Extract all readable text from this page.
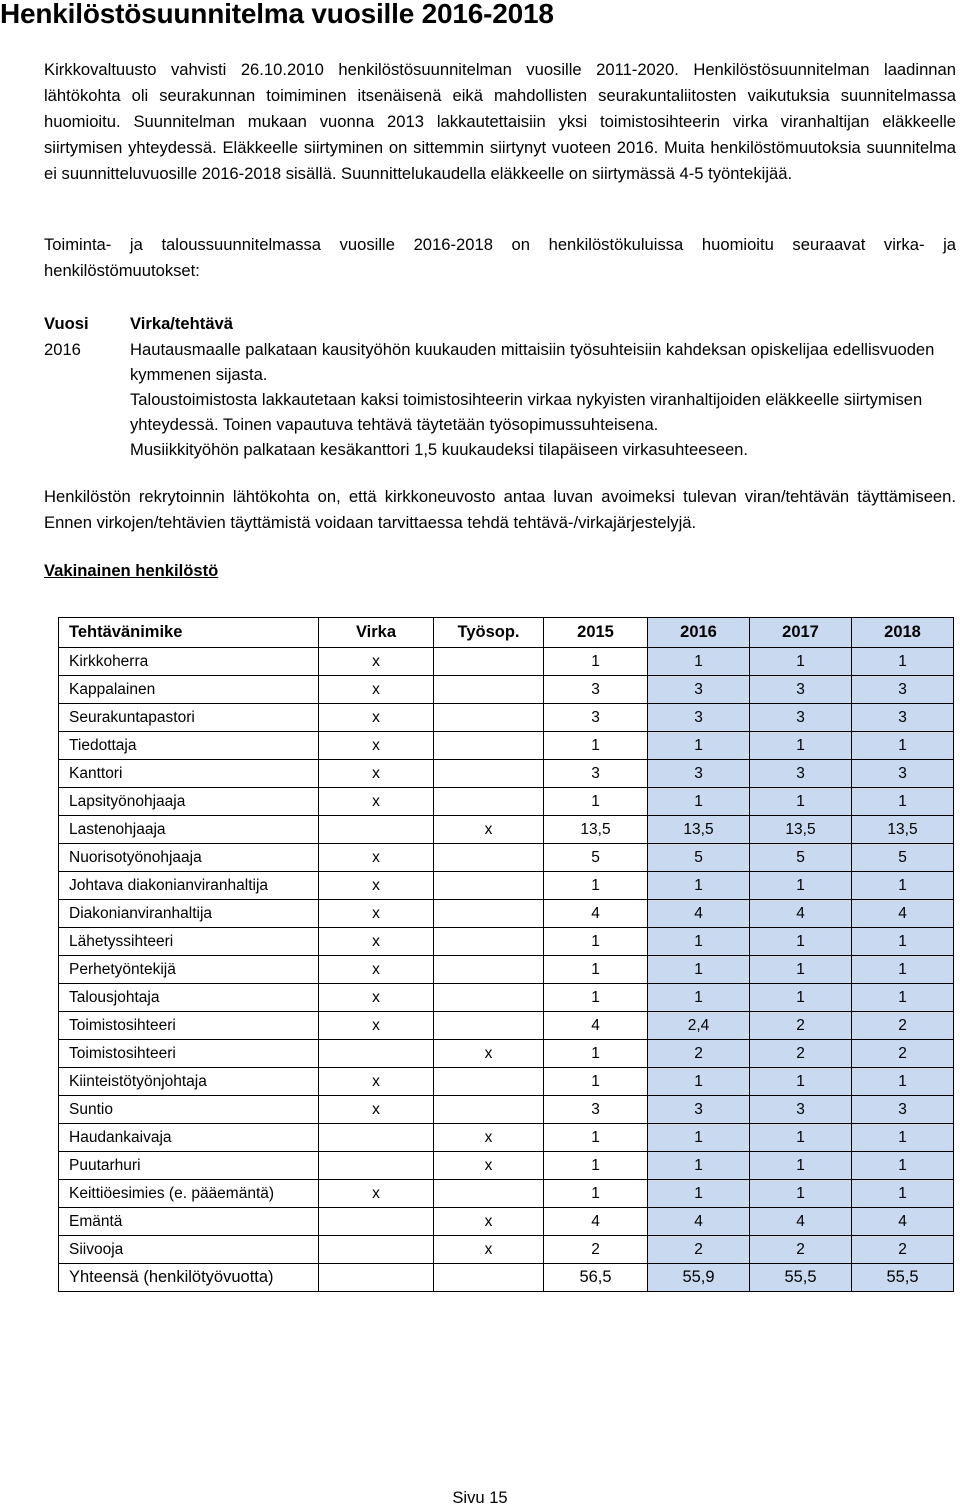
Henkilöstösuunnitelma vuosille 2016-2018

Kirkkovaltuusto vahvisti 26.10.2010 henkilöstösuunnitelman vuosille 2011-2020. Henkilöstösuunnitelman laadinnan lähtökohta oli seurakunnan toimiminen itsenäisenä eikä mahdollisten seurakuntaliitosten vaikutuksia suunnitelmassa huomioitu. Suunnitelman mukaan vuonna 2013 lakkautettaisiin yksi toimistosihteerin virka viranhaltijan eläkkeelle siirtymisen yhteydessä. Eläkkeelle siirtyminen on sittemmin siirtynyt vuoteen 2016. Muita henkilöstömuutoksia suunnitelma ei suunnitteluvuosille 2016-2018 sisällä. Suunnittelukaudella eläkkeelle on siirtymässä 4-5 työntekijää.

Toiminta- ja taloussuunnitelmassa vuosille 2016-2018 on henkilöstökuluissa huomioitu seuraavat virka- ja henkilöstömuutokset:

Vuosi	Virka/tehtävä
2016	Hautausmaalle palkataan kausityöhön kuukauden mittaisiin työsuhteisiin kahdeksan opiskelijaa edellisvuoden kymmenen sijasta.

Taloustoimistosta lakkautetaan kaksi toimistosihteerin virkaa nykyisten viranhaltijoiden eläkkeelle siirtymisen yhteydessä. Toinen vapautuva tehtävä täytetään työsopimussuhteisena.

Musiikkityöhön palkataan kesäkanttori 1,5 kuukaudeksi tilapäiseen virkasuhteeseen.

Henkilöstön rekrytoinnin lähtökohta on, että kirkkoneuvosto antaa luvan avoimeksi tulevan viran/tehtävän täyttämiseen. Ennen virkojen/tehtävien täyttämistä voidaan tarvittaessa tehdä tehtävä-/virkajärjestelyjä.

Vakinainen henkilöstö
Tehtävänimike	Virka	Työsop.	2015	2016	2017	2018
Kirkkoherra	x		1	1	1	1
Kappalainen	x		3	3	3	3
Seurakuntapastori	x		3	3	3	3
Tiedottaja	x		1	1	1	1
Kanttori	x		3	3	3	3
Lapsityönohjaaja	x		1	1	1	1
Lastenohjaaja		x	13,5	13,5	13,5	13,5
Nuorisotyönohjaaja	x		5	5	5	5
Johtava diakonianviranhaltija	x		1	1	1	1
Diakonianviranhaltija	x		4	4	4	4
Lähetyssihteeri	x		1	1	1	1
Perhetyöntekijä	x		1	1	1	1
Talousjohtaja	x		1	1	1	1
Toimistosihteeri	x		4	2,4	2	2
Toimistosihteeri		x	1	2	2	2
Kiinteistötyönjohtaja	x		1	1	1	1
Suntio	x		3	3	3	3
Haudankaivaja		x	1	1	1	1
Puutarhuri		x	1	1	1	1
Keittiöesimies (e. pääemäntä)	x		1	1	1	1
Emäntä		x	4	4	4	4
Siivooja		x	2	2	2	2
Yhteensä (henkilötyövuotta)			56,5	55,9	55,5	55,5
Sivu 15
